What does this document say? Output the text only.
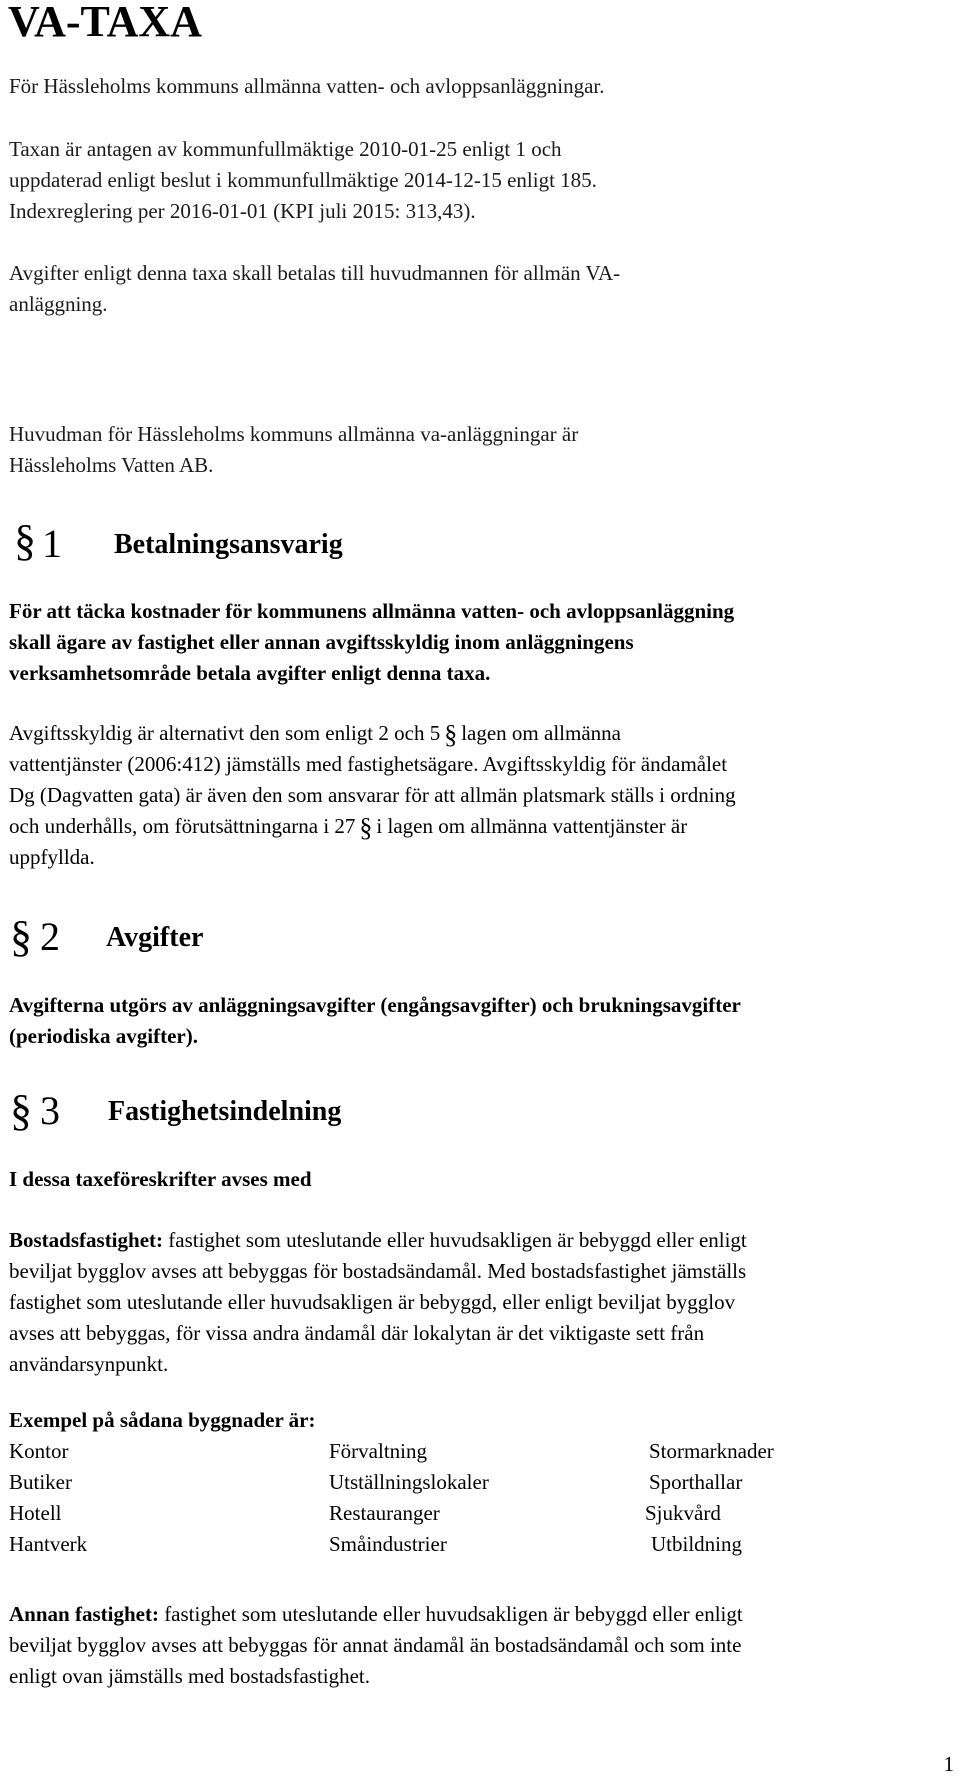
VA-TAXA

För Hässleholms kommuns allmänna vatten- och avloppsanläggningar.

Taxan är antagen av kommunfullmäktige 2010-01-25 enligt 1 och

uppdaterad enligt beslut i kommunfullmäktige 2014-12-15 enligt 185.

Indexreglering per 2016-01-01 (KPI juli 2015: 313,43).

Avgifter enligt denna taxa skall betalas till huvudmannen för allmän VA-

anläggning.

Huvudman för Hässleholms kommuns allmänna va-anläggningar är

Hässleholms Vatten AB.

§ 1 Betalningsansvarig

För att täcka kostnader för kommunens allmänna vatten- och avloppsanläggning

skall ägare av fastighet eller annan avgiftsskyldig inom anläggningens

verksamhetsområde betala avgifter enligt denna taxa.

Avgiftsskyldig är alternativt den som enligt 2 och 5 § lagen om allmänna

vattentjänster (2006:412) jämställs med fastighetsägare. Avgiftsskyldig för ändamålet

Dg (Dagvatten gata) är även den som ansvarar för att allmän platsmark ställs i ordning

och underhålls, om förutsättningarna i 27 § i lagen om allmänna vattentjänster är

uppfyllda.

§ 2 Avgifter

Avgifterna utgörs av anläggningsavgifter (engångsavgifter) och brukningsavgifter

(periodiska avgifter).

§ 3 Fastighetsindelning

I dessa taxeföreskrifter avses med

Bostadsfastighet: fastighet som uteslutande eller huvudsakligen är bebyggd eller enligt

beviljat bygglov avses att bebyggas för bostadsändamål. Med bostadsfastighet jämställs

fastighet som uteslutande eller huvudsakligen är bebyggd, eller enligt beviljat bygglov

avses att bebyggas, för vissa andra ändamål där lokalytan är det viktigaste sett från

användarsynpunkt.

Exempel på sådana byggnader är:

Kontor	Förvaltning	Stormarknader
Butiker	Utställningslokaler	Sporthallar
Hotell	Restauranger	Sjukvård
Hantverk	Småindustrier	Utbildning

Annan fastighet: fastighet som uteslutande eller huvudsakligen är bebyggd eller enligt

beviljat bygglov avses att bebyggas för annat ändamål än bostadsändamål och som inte

enligt ovan jämställs med bostadsfastighet.

1
